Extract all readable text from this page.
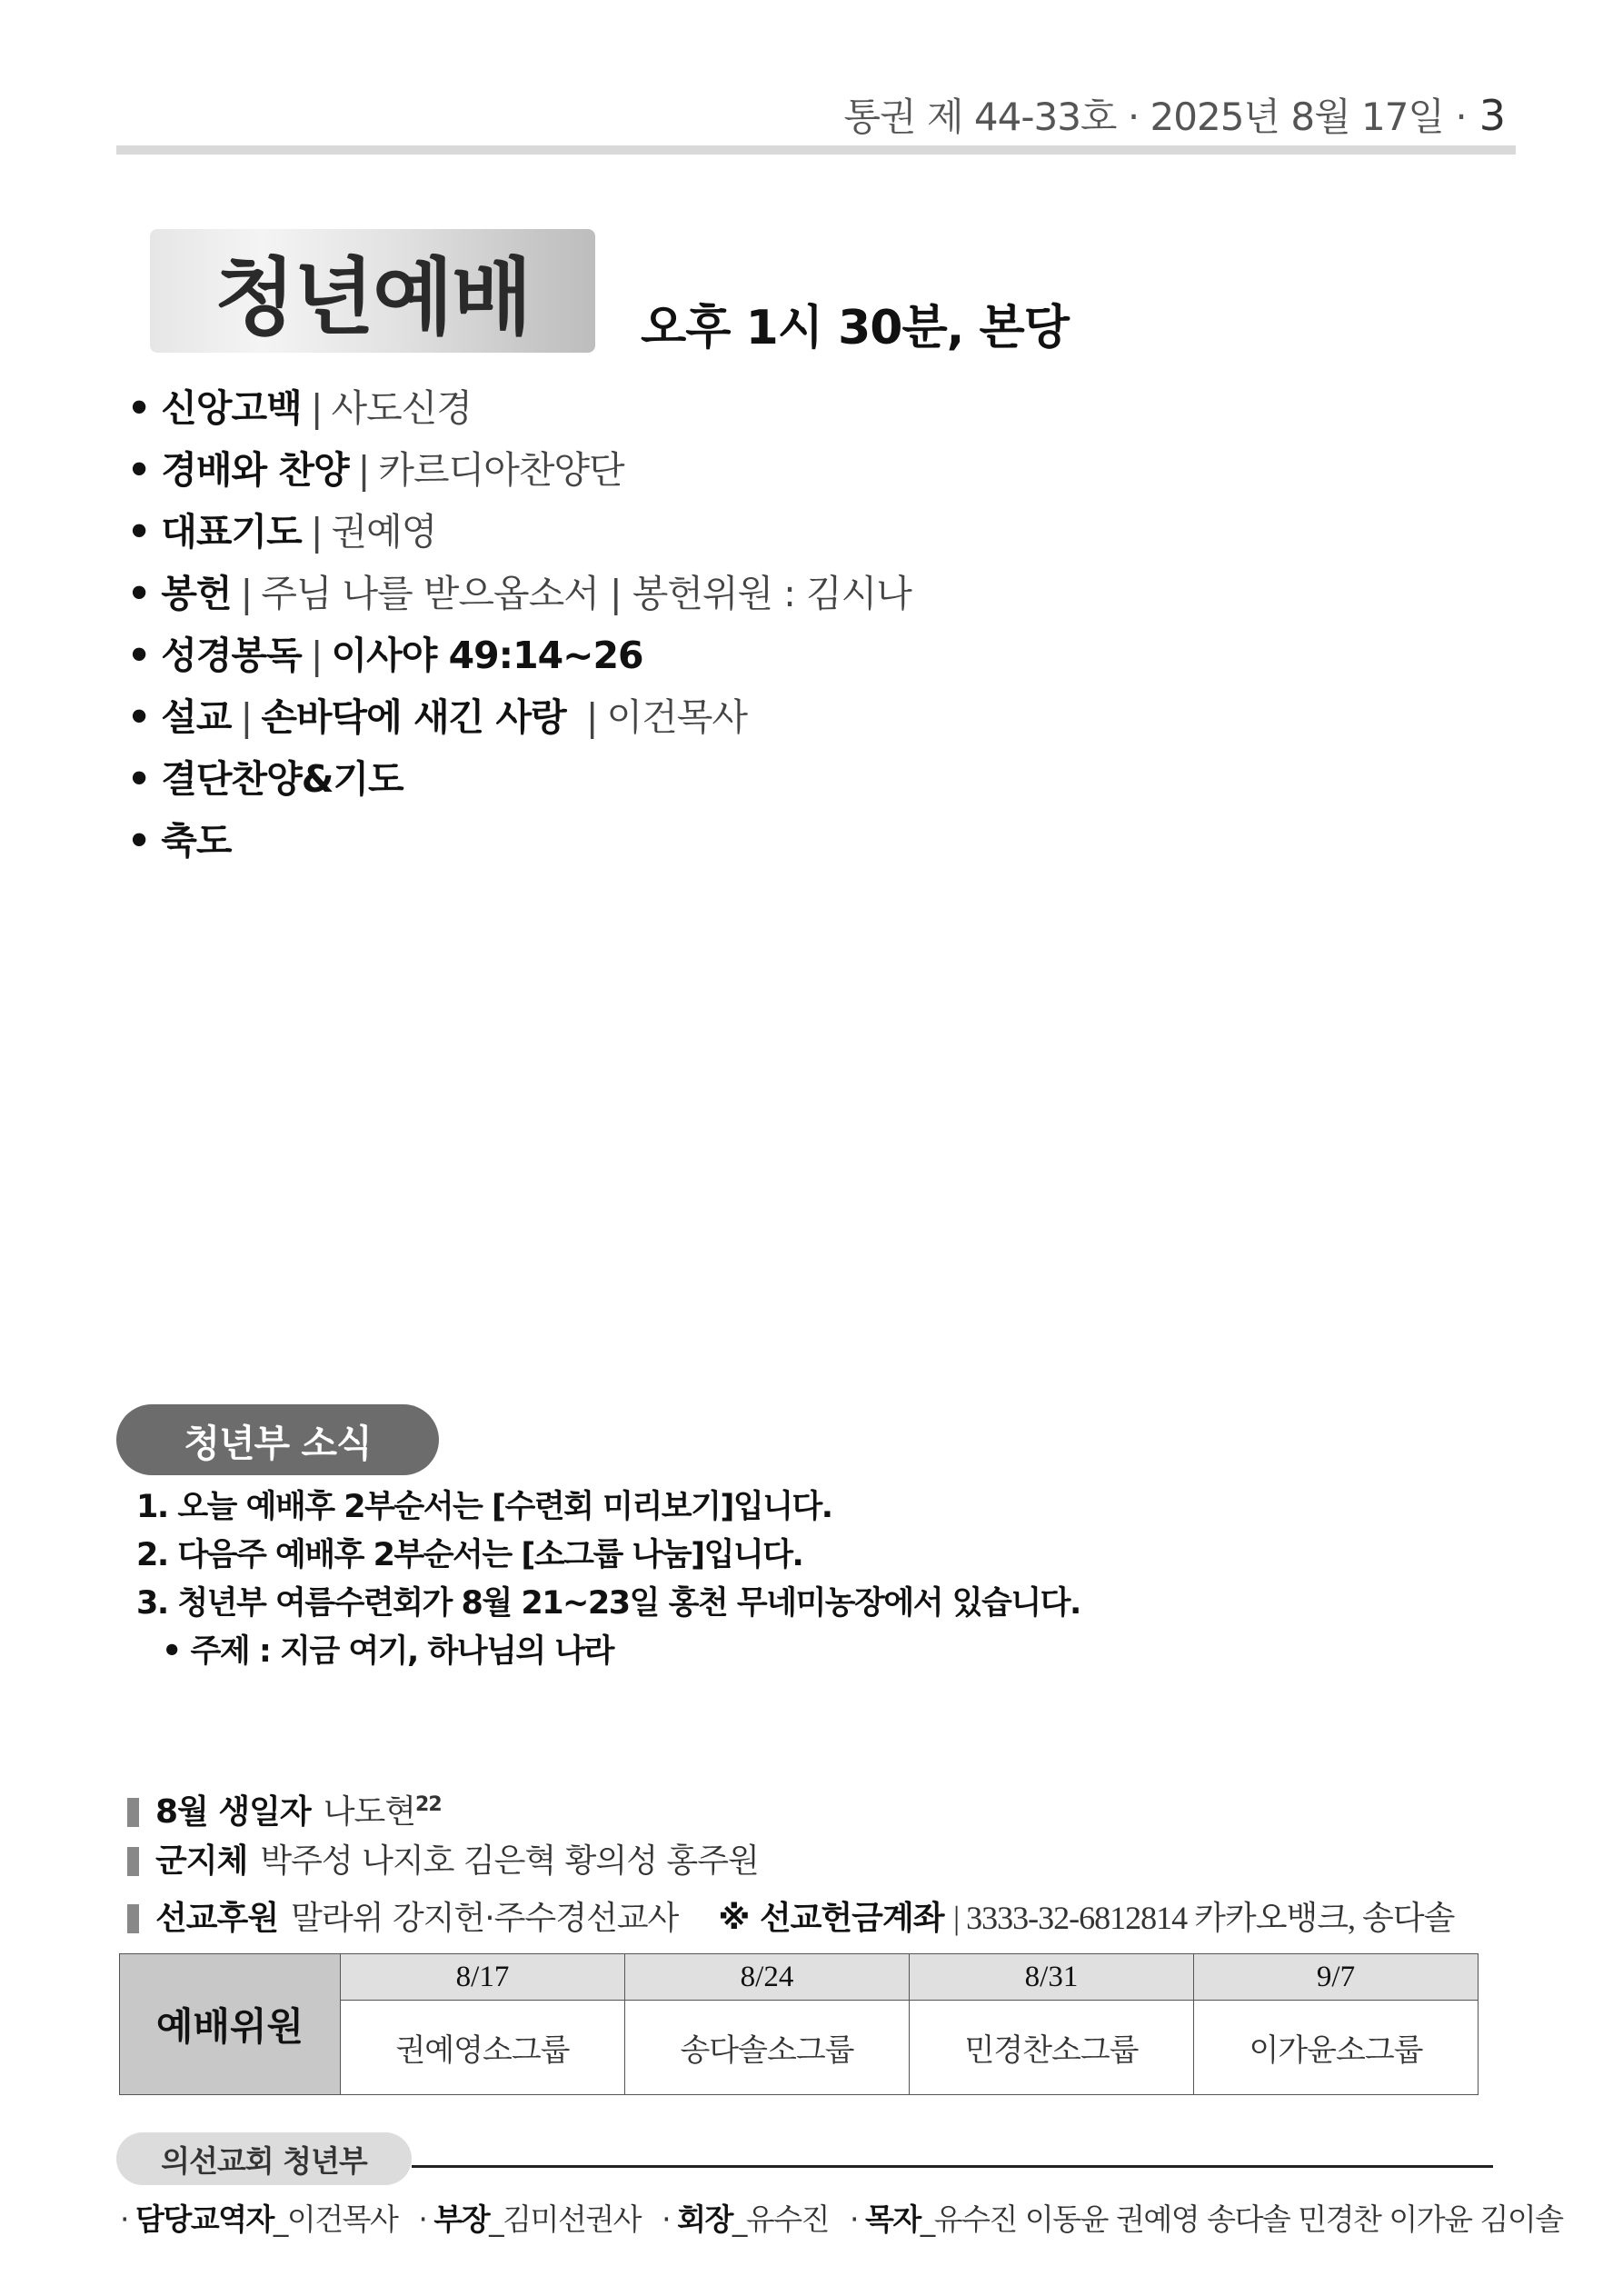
통권 제 44-33호 · 2025년 8월 17일 · 3
청년예배 오후 1시 30분, 본당
• 신앙고백 | 사도신경
• 경배와 찬양 | 카르디아찬양단
• 대표기도 | 권예영
• 봉헌 | 주님 나를 받으옵소서 | 봉헌위원 : 김시나
• 성경봉독 | 이사야 49:14~26
• 설교 | 손바닥에 새긴 사랑 | 이건목사
• 결단찬양&기도
• 축도
청년부 소식
1. 오늘 예배후 2부순서는 [수련회 미리보기]입니다.
2. 다음주 예배후 2부순서는 [소그룹 나눔]입니다.
3. 청년부 여름수련회가 8월 21~23일 홍천 무네미농장에서 있습니다.
• 주제 : 지금 여기, 하나님의 나라
8월 생일자 나도현$^{22}$
군지체 박주성 나지호 김은혁 황의성 홍주원
선교후원 말라위 강지헌·주수경선교사 ※ 선교헌금계좌 | 3333-32-6812814 카카오뱅크, 송다솔
예배위원	8/17	8/24	8/31	9/7
	권예영소그룹	송다솔소그룹	민경찬소그룹	이가윤소그룹
의선교회 청년부
· 담당교역자_이건목사 · 부장_김미선권사 · 회장_유수진 · 목자_유수진 이동윤 권예영 송다솔 민경찬 이가윤 김이솔
